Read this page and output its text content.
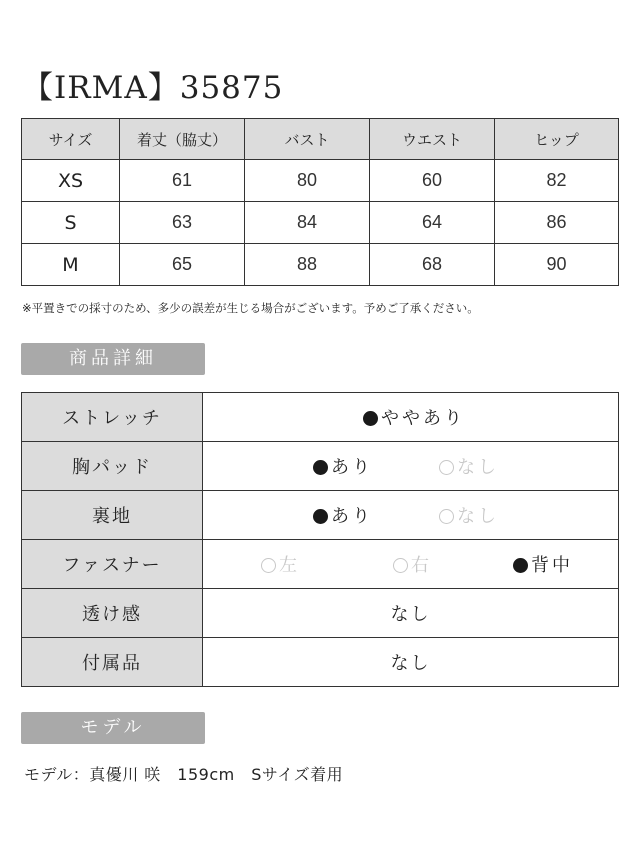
【IRMA】35875
サイズ	着丈（脇丈）	バスト	ウエスト	ヒップ
XS	61	80	60	82
S	63	84	64	86
M	65	88	68	90
※平置きでの採寸のため、多少の誤差が生じる場合がございます。予めご了承ください。
商品詳細
ストレッチ	ややあり

胸パッド	あり なし

裏地	あり なし

ファスナー	左 右 背中

透け感	なし
付属品	なし
モデル
モデル：真優川 咲　159cm　Sサイズ着用
